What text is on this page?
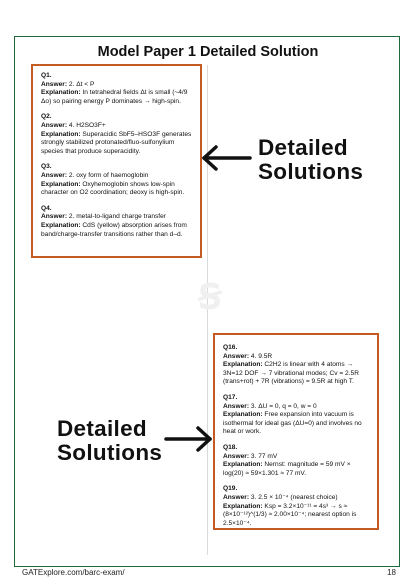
Model Paper 1 Detailed Solution
ꞩ
Q1.
Answer: 2. Δt < P
Explanation: In tetrahedral fields Δt is small (~4/9 Δo) so pairing energy P dominates → high-spin.
Q2.
Answer: 4. H2SO3F+
Explanation: Superacidic SbF5–HSO3F generates strongly stabilized protonated/fluo-sulfonylium species that produce superacidity.
Q3.
Answer: 2. oxy form of haemoglobin
Explanation: Oxyhemoglobin shows low-spin character on O2 coordination; deoxy is high-spin.
Q4.
Answer: 2. metal-to-ligand charge transfer
Explanation: CdS (yellow) absorption arises from band/charge-transfer transitions rather than d–d.
Detailed
Solutions
Detailed
Solutions
Q16.
Answer: 4. 9.5R
Explanation: C2H2 is linear with 4 atoms → 3N=12 DOF → 7 vibrational modes; Cv = 2.5R (trans+rot) + 7R (vibrations) = 9.5R at high T.
Q17.
Answer: 3. ΔU = 0, q = 0, w = 0
Explanation: Free expansion into vacuum is isothermal for ideal gas (ΔU=0) and involves no heat or work.
Q18.
Answer: 3. 77 mV
Explanation: Nernst: magnitude = 59 mV × log(20) ≈ 59×1.301 ≈ 77 mV.
Q19.
Answer: 3. 2.5 × 10⁻⁴ (nearest choice)
Explanation: Ksp = 3.2×10⁻¹¹ = 4s³ → s ≈ (8×10⁻¹²)^(1/3) ≈ 2.00×10⁻⁴; nearest option is 2.5×10⁻⁴.
GATExplore.com/barc-exam/	18
